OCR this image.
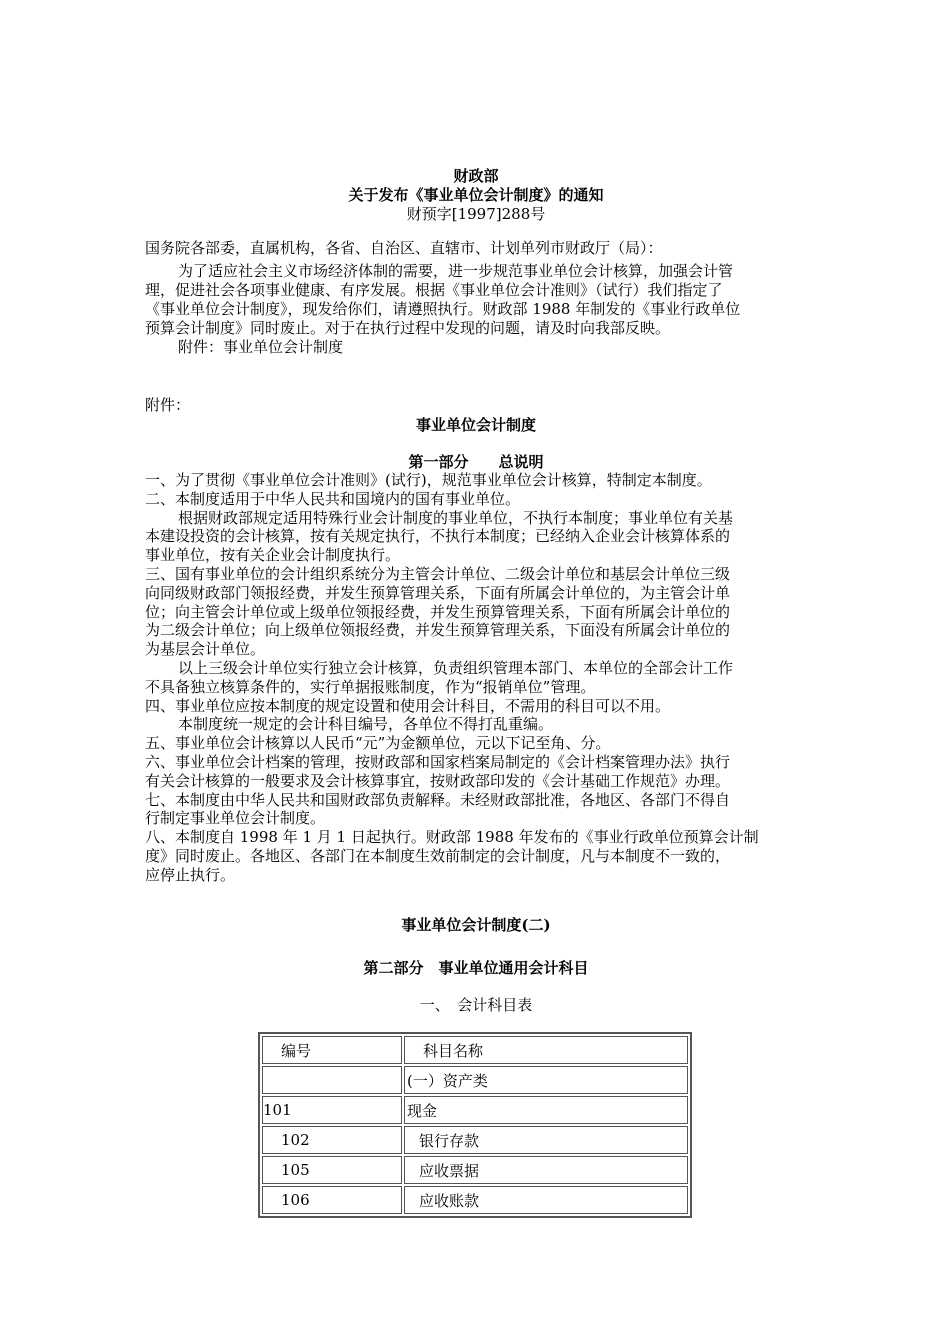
财政部
关于发布《事业单位会计制度》的通知
财预字[1997]288号
国务院各部委，直属机构，各省、自治区、直辖市、计划单列市财政厅（局）：
为了适应社会主义市场经济体制的需要，进一步规范事业单位会计核算，加强会计管
理，促进社会各项事业健康、有序发展。根据《事业单位会计准则》（试行）我们指定了
《事业单位会计制度》，现发给你们，请遵照执行。财政部 1988 年制发的《事业行政单位
预算会计制度》同时废止。对于在执行过程中发现的问题，请及时向我部反映。
附件：事业单位会计制度
附件：
事业单位会计制度
第一部分　　总说明
一、为了贯彻《事业单位会计准则》(试行)，规范事业单位会计核算，特制定本制度。
二、本制度适用于中华人民共和国境内的国有事业单位。
根据财政部规定适用特殊行业会计制度的事业单位，不执行本制度；事业单位有关基
本建设投资的会计核算，按有关规定执行，不执行本制度；已经纳入企业会计核算体系的
事业单位，按有关企业会计制度执行。
三、国有事业单位的会计组织系统分为主管会计单位、二级会计单位和基层会计单位三级
向同级财政部门领报经费，并发生预算管理关系，下面有所属会计单位的，为主管会计单
位；向主管会计单位或上级单位领报经费，并发生预算管理关系，下面有所属会计单位的
为二级会计单位；向上级单位领报经费，并发生预算管理关系，下面没有所属会计单位的
为基层会计单位。
以上三级会计单位实行独立会计核算，负责组织管理本部门、本单位的全部会计工作
不具备独立核算条件的，实行单据报账制度，作为“报销单位”管理。
四、事业单位应按本制度的规定设置和使用会计科目，不需用的科目可以不用。
本制度统一规定的会计科目编号，各单位不得打乱重编。
五、事业单位会计核算以人民币“元”为金额单位，元以下记至角、分。
六、事业单位会计档案的管理，按财政部和国家档案局制定的《会计档案管理办法》执行
有关会计核算的一般要求及会计核算事宜，按财政部印发的《会计基础工作规范》办理。
七、本制度由中华人民共和国财政部负责解释。未经财政部批准，各地区、各部门不得自
行制定事业单位会计制度。
八、本制度自 1998 年 1 月 1 日起执行。财政部 1988 年发布的《事业行政单位预算会计制
度》同时废止。各地区、各部门在本制度生效前制定的会计制度，凡与本制度不一致的，
应停止执行。
事业单位会计制度(二)
第二部分　事业单位通用会计科目
一、　会计科目表
编号	科目名称
	(一）资产类
101	现金
102	银行存款
105	应收票据
106	应收账款
